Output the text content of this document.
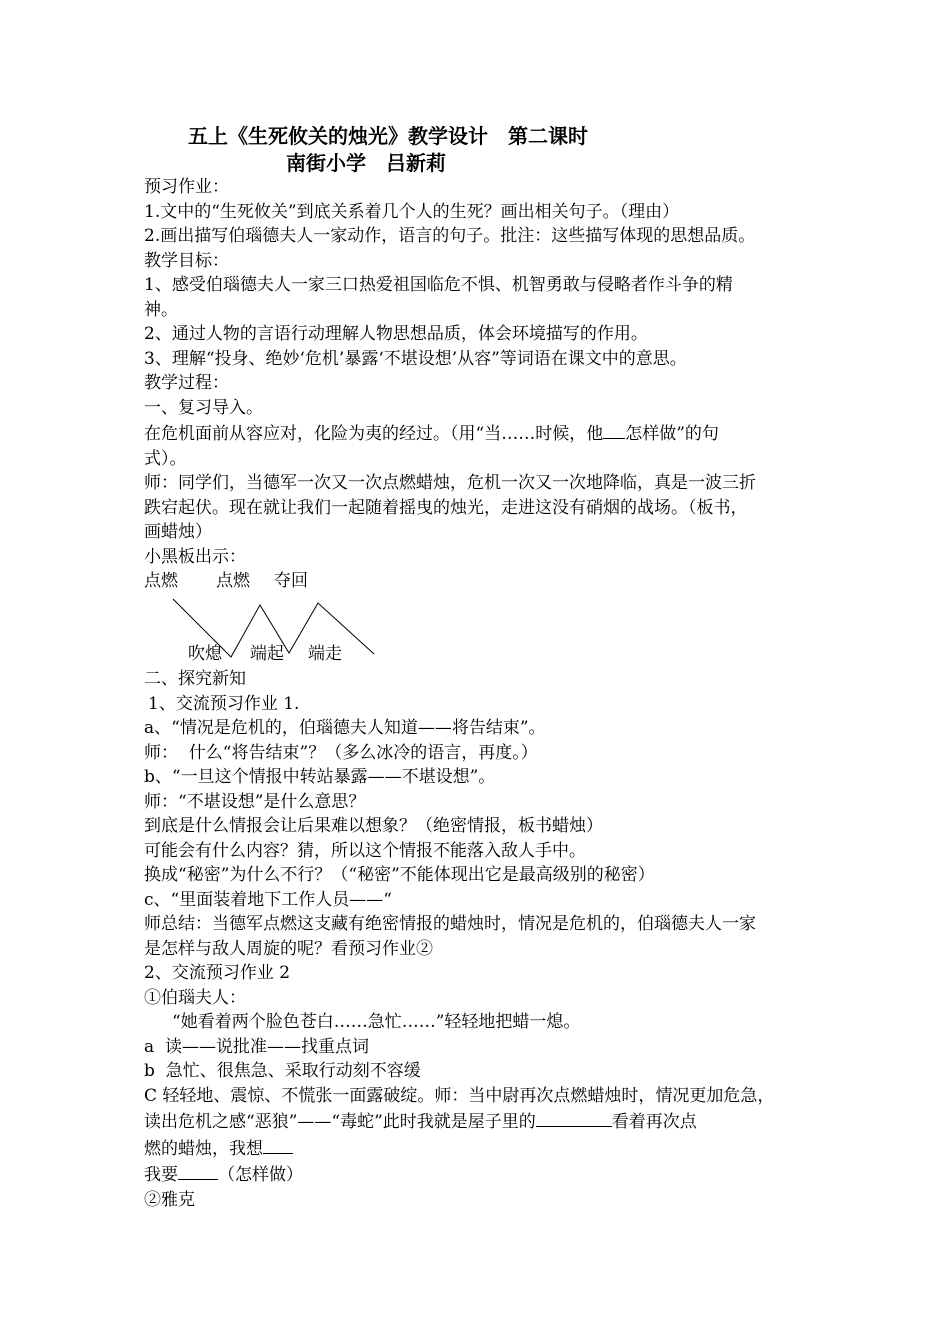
五上《生死攸关的烛光》教学设计　第二课时
南街小学　吕新莉

预习作业：

1.文中的“生死攸关”到底关系着几个人的生死？画出相关句子。（理由）

2.画出描写伯瑙德夫人一家动作，语言的句子。批注：这些描写体现的思想品质。

教学目标：

1、感受伯瑙德夫人一家三口热爱祖国临危不惧、机智勇敢与侵略者作斗争的精

神。

2、通过人物的言语行动理解人物思想品质，体会环境描写的作用。

3、理解“投身、绝妙‘危机’暴露‘不堪设想’从容”等词语在课文中的意思。

教学过程：

一、复习导入。

在危机面前从容应对，化险为夷的经过。（用“当……时候，他 怎样做”的句

式）。

师：同学们，当德军一次又一次点燃蜡烛，危机一次又一次地降临，真是一波三折

跌宕起伏。现在就让我们一起随着摇曳的烛光，走进这没有硝烟的战场。（板书，

画蜡烛）

小黑板出示：

点燃 点燃 夺回
吹熄 端起 端走

二、探究新知

1、交流预习作业 1.

a、“情况是危机的，伯瑙德夫人知道——将告结束”。

师：  什么“将告结束”？（多么冰冷的语言，再度。）

b、“一旦这个情报中转站暴露——不堪设想”。

师：“不堪设想”是什么意思？

到底是什么情报会让后果难以想象？（绝密情报，板书蜡烛）

可能会有什么内容？猜，所以这个情报不能落入敌人手中。

换成“秘密”为什么不行？（“秘密”不能体现出它是最高级别的秘密）

c、“里面装着地下工作人员——“

师总结：当德军点燃这支藏有绝密情报的蜡烛时，情况是危机的，伯瑙德夫人一家

是怎样与敌人周旋的呢？看预习作业②

2、交流预习作业 2

①伯瑙夫人：

“她看着两个脸色苍白……急忙……”轻轻地把蜡一熄。

a  读——说批准——找重点词

b  急忙、很焦急、采取行动刻不容缓

C 轻轻地、震惊、不慌张一面露破绽。师：当中尉再次点燃蜡烛时，情况更加危急，

读出危机之感“恶狼”——“毒蛇”此时我就是屋子里的	看着再次点

燃的蜡烛，我想

我要 （怎样做）

②雅克
